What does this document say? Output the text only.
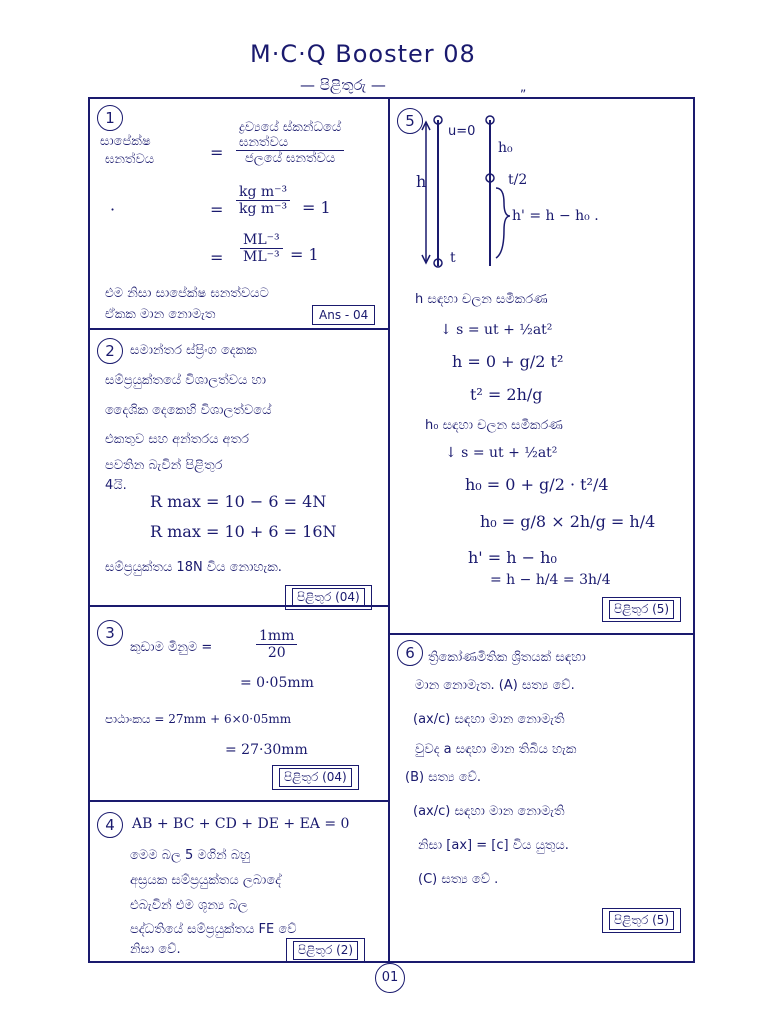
M·C·Q Booster 08
— පිළිතුරු —	„
1
සාපේක්ෂ
ඝනත්වය	=
ද්‍රව්‍යයේ ස්කන්ධයේ
ඝනත්වය
ජලයේ ඝනත්වය
·	= $\frac{\text{kg m⁻³}}{\text{kg m⁻³}} = 1$
= $\frac{\text{ML⁻³}}{\text{ML⁻³}} = 1$
එම නිසා සාපේක්ෂ ඝනත්වයට
ඒකක මාන නොමැත	Ans - 04
2	සමාන්තර ස්ප්‍රිංග දෙකක
සම්ප්‍රයුක්තයේ විශාලත්වය හා
දෛශික දෙකෙහි විශාලත්වයේ
එකතුව සහ අන්තරය අතර
පවතින බැවින් පිළිතුර
4යි.
R max = 10 − 6 = 4N
R max = 10 + 6 = 16N
සම්ප්‍රයුක්තය 18N විය නොහැක.
පිළිතුර (04)
3
කුඩාම මිනුම =	$\frac{1mm}{20}$
= 0·05mm
පාඨාංකය = 27mm + 6×0·05mm
= 27·30mm
පිළිතුර (04)
4	AB + BC + CD + DE + EA = 0
මෙම බල 5 මගින් බහු
අස්‍රයක සම්ප්‍රයුක්තය ලබාදේ
එබැවින් එම ශූන්‍ය බල
පද්ධතියේ සම්ප්‍රයුක්තය FE වේ
නිසා වේ.	පිළිතුර (2)
5
u=0
h
t
h₀
t/2
h' = h − h₀ .
h සඳහා චලන සමීකරණ
↓ s = ut + ½at²
h = 0 + g/2 t²
t² = 2h/g
h₀ සඳහා චලන සමීකරණ
↓ s = ut + ½at²
h₀ = 0 + g/2 · t²/4
h₀ = g/8 × 2h/g = h/4
h' = h − h₀
= h − h/4 = 3h/4
පිළිතුර (5)
6	ත්‍රිකෝණමිතික ශ්‍රිතයක් සඳහා
මාන නොමැත. (A) සත්‍ය වේ.
(ax/c) සඳහා මාන නොමැති
වුවද a සඳහා මාන තිබිය හැක
(B) සත්‍ය වේ.
(ax/c) සඳහා මාන නොමැති
නිසා [ax] = [c] විය යුතුය.
(C) සත්‍ය වේ .
පිළිතුර (5)
01
